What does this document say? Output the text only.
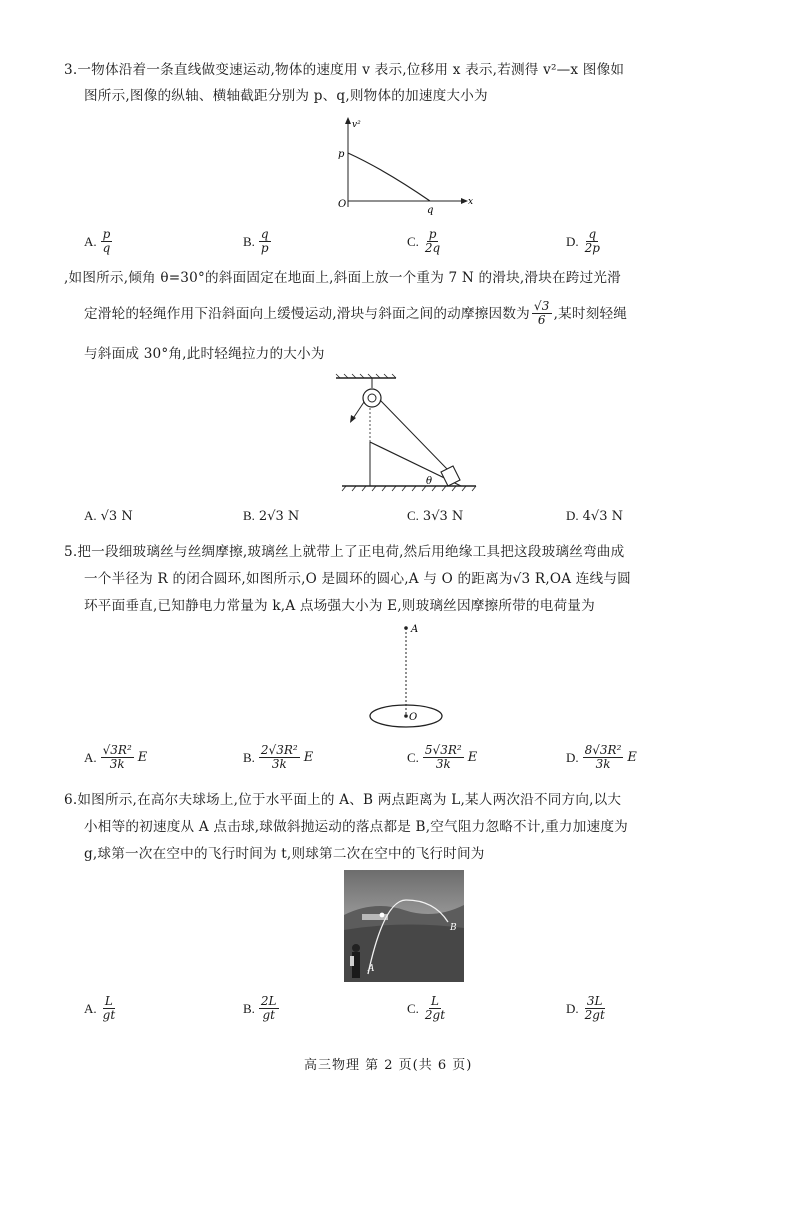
3.一物体沿着一条直线做变速运动,物体的速度用 v 表示,位移用 x 表示,若测得 v²—x 图像如
图所示,图像的纵轴、横轴截距分别为 p、q,则物体的加速度大小为
v²
p
O
q
x
A. $\frac{p}{q}$	B. $\frac{q}{p}$	C. $\frac{p}{2q}$	D. $\frac{q}{2p}$
,如图所示,倾角 θ=30°的斜面固定在地面上,斜面上放一个重为 7 N 的滑块,滑块在跨过光滑
定滑轮的轻绳作用下沿斜面向上缓慢运动,滑块与斜面之间的动摩擦因数为 $\frac{√3}{6}$ ,某时刻轻绳
与斜面成 30°角,此时轻绳拉力的大小为
θ
A. √3 N	B. 2√3 N	C. 3√3 N	D. 4√3 N
5.把一段细玻璃丝与丝绸摩擦,玻璃丝上就带上了正电荷,然后用绝缘工具把这段玻璃丝弯曲成
一个半径为 R 的闭合圆环,如图所示,O 是圆环的圆心,A 与 O 的距离为√3 R,OA 连线与圆
环平面垂直,已知静电力常量为 k,A 点场强大小为 E,则玻璃丝因摩擦所带的电荷量为
A
O
A. $\frac{\text{√3R²}}{3k}$ E	B. $\frac{\text{2√3R²}}{3k}$ E	C. $\frac{\text{5√3R²}}{3k}$ E	D. $\frac{\text{8√3R²}}{3k}$ E
6.如图所示,在高尔夫球场上,位于水平面上的 A、B 两点距离为 L,某人两次沿不同方向,以大
小相等的初速度从 A 点击球,球做斜抛运动的落点都是 B,空气阻力忽略不计,重力加速度为
g,球第一次在空中的飞行时间为 t,则球第二次在空中的飞行时间为
A
B
A. $\frac{L}{gt}$	B. $\frac{2L}{gt}$	C. $\frac{L}{2gt}$	D. $\frac{3L}{2gt}$
高三物理 第 2 页(共 6 页)
